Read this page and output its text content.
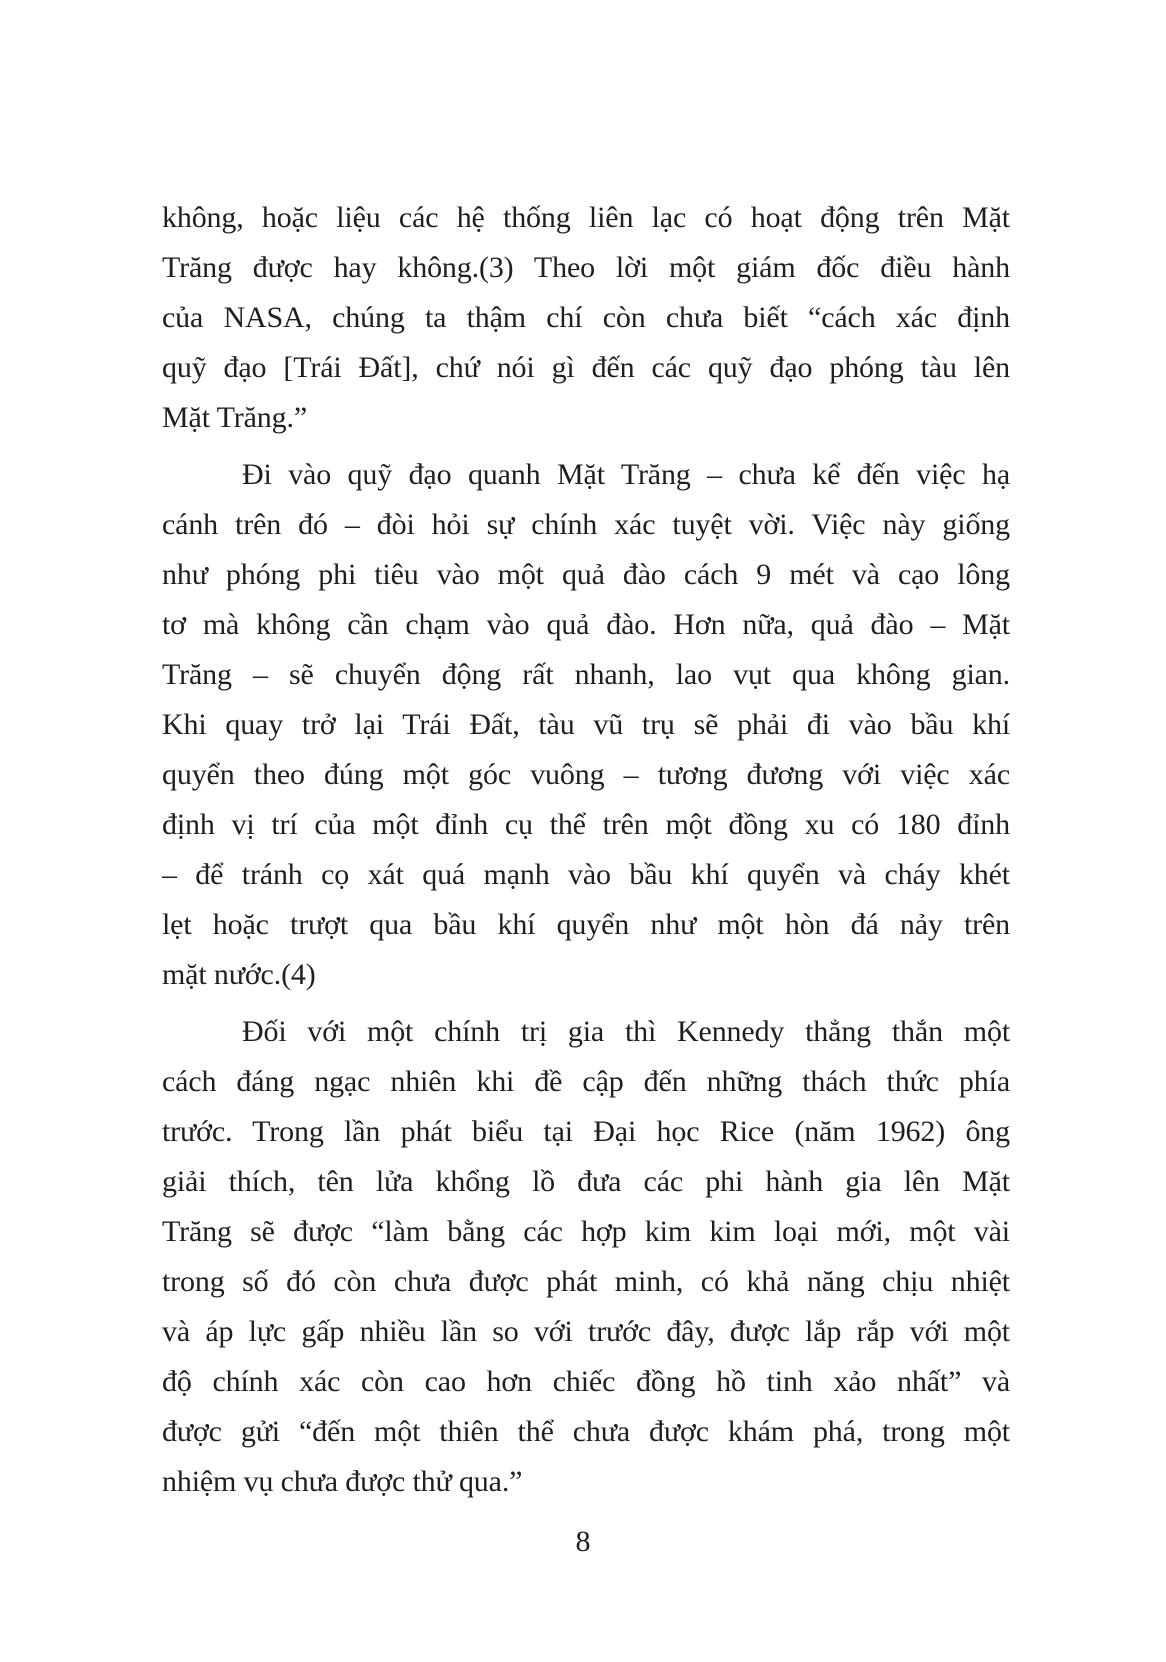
không, hoặc liệu các hệ thống liên lạc có hoạt động trên Mặt
Trăng được hay không.(3) Theo lời một giám đốc điều hành
của NASA, chúng ta thậm chí còn chưa biết “cách xác định
quỹ đạo [Trái Đất], chứ nói gì đến các quỹ đạo phóng tàu lên
Mặt Trăng.”
Đi vào quỹ đạo quanh Mặt Trăng – chưa kể đến việc hạ
cánh trên đó – đòi hỏi sự chính xác tuyệt vời. Việc này giống
như phóng phi tiêu vào một quả đào cách 9 mét và cạo lông
tơ mà không cần chạm vào quả đào. Hơn nữa, quả đào – Mặt
Trăng – sẽ chuyển động rất nhanh, lao vụt qua không gian.
Khi quay trở lại Trái Đất, tàu vũ trụ sẽ phải đi vào bầu khí
quyển theo đúng một góc vuông – tương đương với việc xác
định vị trí của một đỉnh cụ thể trên một đồng xu có 180 đỉnh
– để tránh cọ xát quá mạnh vào bầu khí quyển và cháy khét
lẹt hoặc trượt qua bầu khí quyển như một hòn đá nảy trên
mặt nước.(4)
Đối với một chính trị gia thì Kennedy thẳng thắn một
cách đáng ngạc nhiên khi đề cập đến những thách thức phía
trước. Trong lần phát biểu tại Đại học Rice (năm 1962) ông
giải thích, tên lửa khổng lồ đưa các phi hành gia lên Mặt
Trăng sẽ được “làm bằng các hợp kim kim loại mới, một vài
trong số đó còn chưa được phát minh, có khả năng chịu nhiệt
và áp lực gấp nhiều lần so với trước đây, được lắp rắp với một
độ chính xác còn cao hơn chiếc đồng hồ tinh xảo nhất” và
được gửi “đến một thiên thể chưa được khám phá, trong một
nhiệm vụ chưa được thử qua.”
8
